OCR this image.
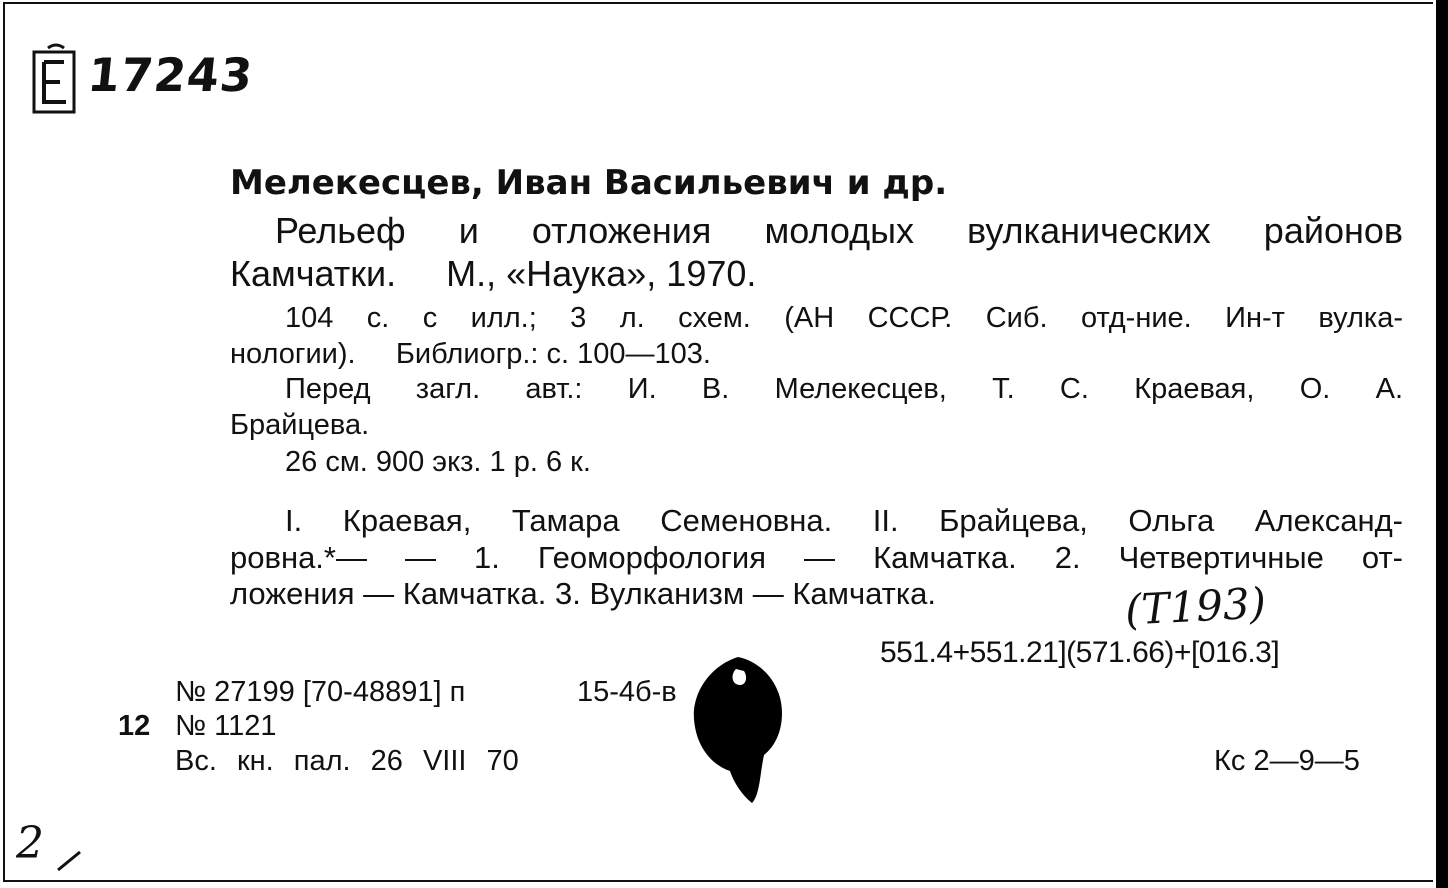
17243
Мелекесцев, Иван Васильевич и др.
Рельеф и отложения молодых вулканических районов
Камчатки.     М., «Наука», 1970.
104 с. с илл.; 3 л. схем. (АН СССР. Сиб. отд-ние. Ин-т вулка-
нологии).     Библиогр.: с. 100—103.
Перед загл. авт.: И. В. Мелекесцев, Т. С. Краевая, О. А.
Брайцева.
26 см. 900 экз. 1 р. 6 к.
I. Краевая, Тамара Семеновна. II. Брайцева, Ольга Александ-
ровна.*— — 1. Геоморфология — Камчатка. 2. Четвертичные от-
ложения — Камчатка. 3. Вулканизм — Камчатка.	(Т193)
551.4+551.21](571.66)+[016.3]
№ 27199 [70-48891] п	15-4б-в
12 № 1121
Вс. кн. пал. 26 VIII 70	Кс 2—9—5
2
